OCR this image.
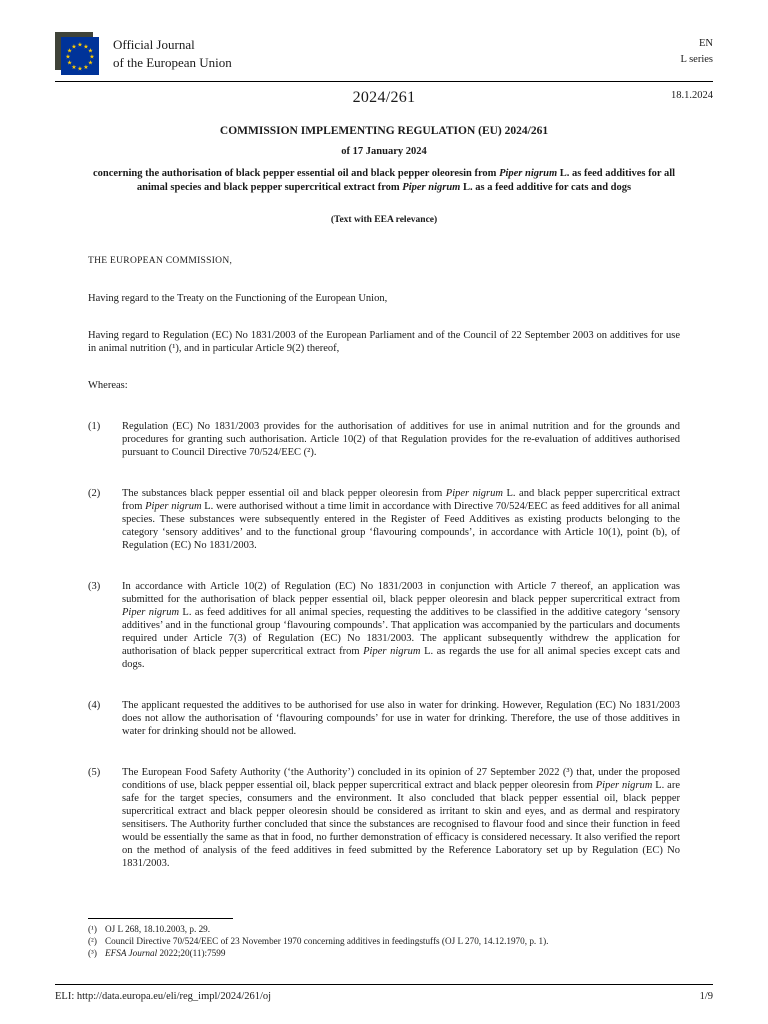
★ ★
★
★
★
★
★
★
★
★
★
★	Official Journal
of the European Union
EN
L series
2024/261	18.1.2024
COMMISSION IMPLEMENTING REGULATION (EU) 2024/261
of 17 January 2024
concerning the authorisation of black pepper essential oil and black pepper oleoresin from Piper nigrum L. as feed additives for all animal species and black pepper supercritical extract from Piper nigrum L. as a feed additive for cats and dogs
(Text with EEA relevance)
THE EUROPEAN COMMISSION,

Having regard to the Treaty on the Functioning of the European Union,

Having regard to Regulation (EC) No 1831/2003 of the European Parliament and of the Council of 22 September 2003 on additives for use in animal nutrition (¹), and in particular Article 9(2) thereof,

Whereas:

(1)	Regulation (EC) No 1831/2003 provides for the authorisation of additives for use in animal nutrition and for the grounds and procedures for granting such authorisation. Article 10(2) of that Regulation provides for the re-evaluation of additives authorised pursuant to Council Directive 70/524/EEC (²).
(2)	The substances black pepper essential oil and black pepper oleoresin from Piper nigrum L. and black pepper supercritical extract from Piper nigrum L. were authorised without a time limit in accordance with Directive 70/524/EEC as feed additives for all animal species. These substances were subsequently entered in the Register of Feed Additives as existing products belonging to the category ‘sensory additives’ and to the functional group ‘flavouring compounds’, in accordance with Article 10(1), point (b), of Regulation (EC) No 1831/2003.
(3)	In accordance with Article 10(2) of Regulation (EC) No 1831/2003 in conjunction with Article 7 thereof, an application was submitted for the authorisation of black pepper essential oil, black pepper oleoresin and black pepper supercritical extract from Piper nigrum L. as feed additives for all animal species, requesting the additives to be classified in the additive category ‘sensory additives’ and in the functional group ‘flavouring compounds’. That application was accompanied by the particulars and documents required under Article 7(3) of Regulation (EC) No 1831/2003. The applicant subsequently withdrew the application for authorisation of black pepper supercritical extract from Piper nigrum L. as regards the use for all animal species except cats and dogs.
(4)	The applicant requested the additives to be authorised for use also in water for drinking. However, Regulation (EC) No 1831/2003 does not allow the authorisation of ‘flavouring compounds’ for use in water for drinking. Therefore, the use of those additives in water for drinking should not be allowed.
(5)	The European Food Safety Authority (‘the Authority’) concluded in its opinion of 27 September 2022 (³) that, under the proposed conditions of use, black pepper essential oil, black pepper supercritical extract and black pepper oleoresin from Piper nigrum L. are safe for the target species, consumers and the environment. It also concluded that black pepper essential oil, black pepper supercritical extract and black pepper oleoresin should be considered as irritant to skin and eyes, and as dermal and respiratory sensitisers. The Authority further concluded that since the substances are recognised to flavour food and since their function in feed would be essentially the same as that in food, no further demonstration of efficacy is considered necessary. It also verified the report on the method of analysis of the feed additives in feed submitted by the Reference Laboratory set up by Regulation (EC) No 1831/2003.
(¹) OJ L 268, 18.10.2003, p. 29.
(²) Council Directive 70/524/EEC of 23 November 1970 concerning additives in feedingstuffs (OJ L 270, 14.12.1970, p. 1).
(³) EFSA Journal 2022;20(11):7599
ELI: http://data.europa.eu/eli/reg_impl/2024/261/oj	1/9
